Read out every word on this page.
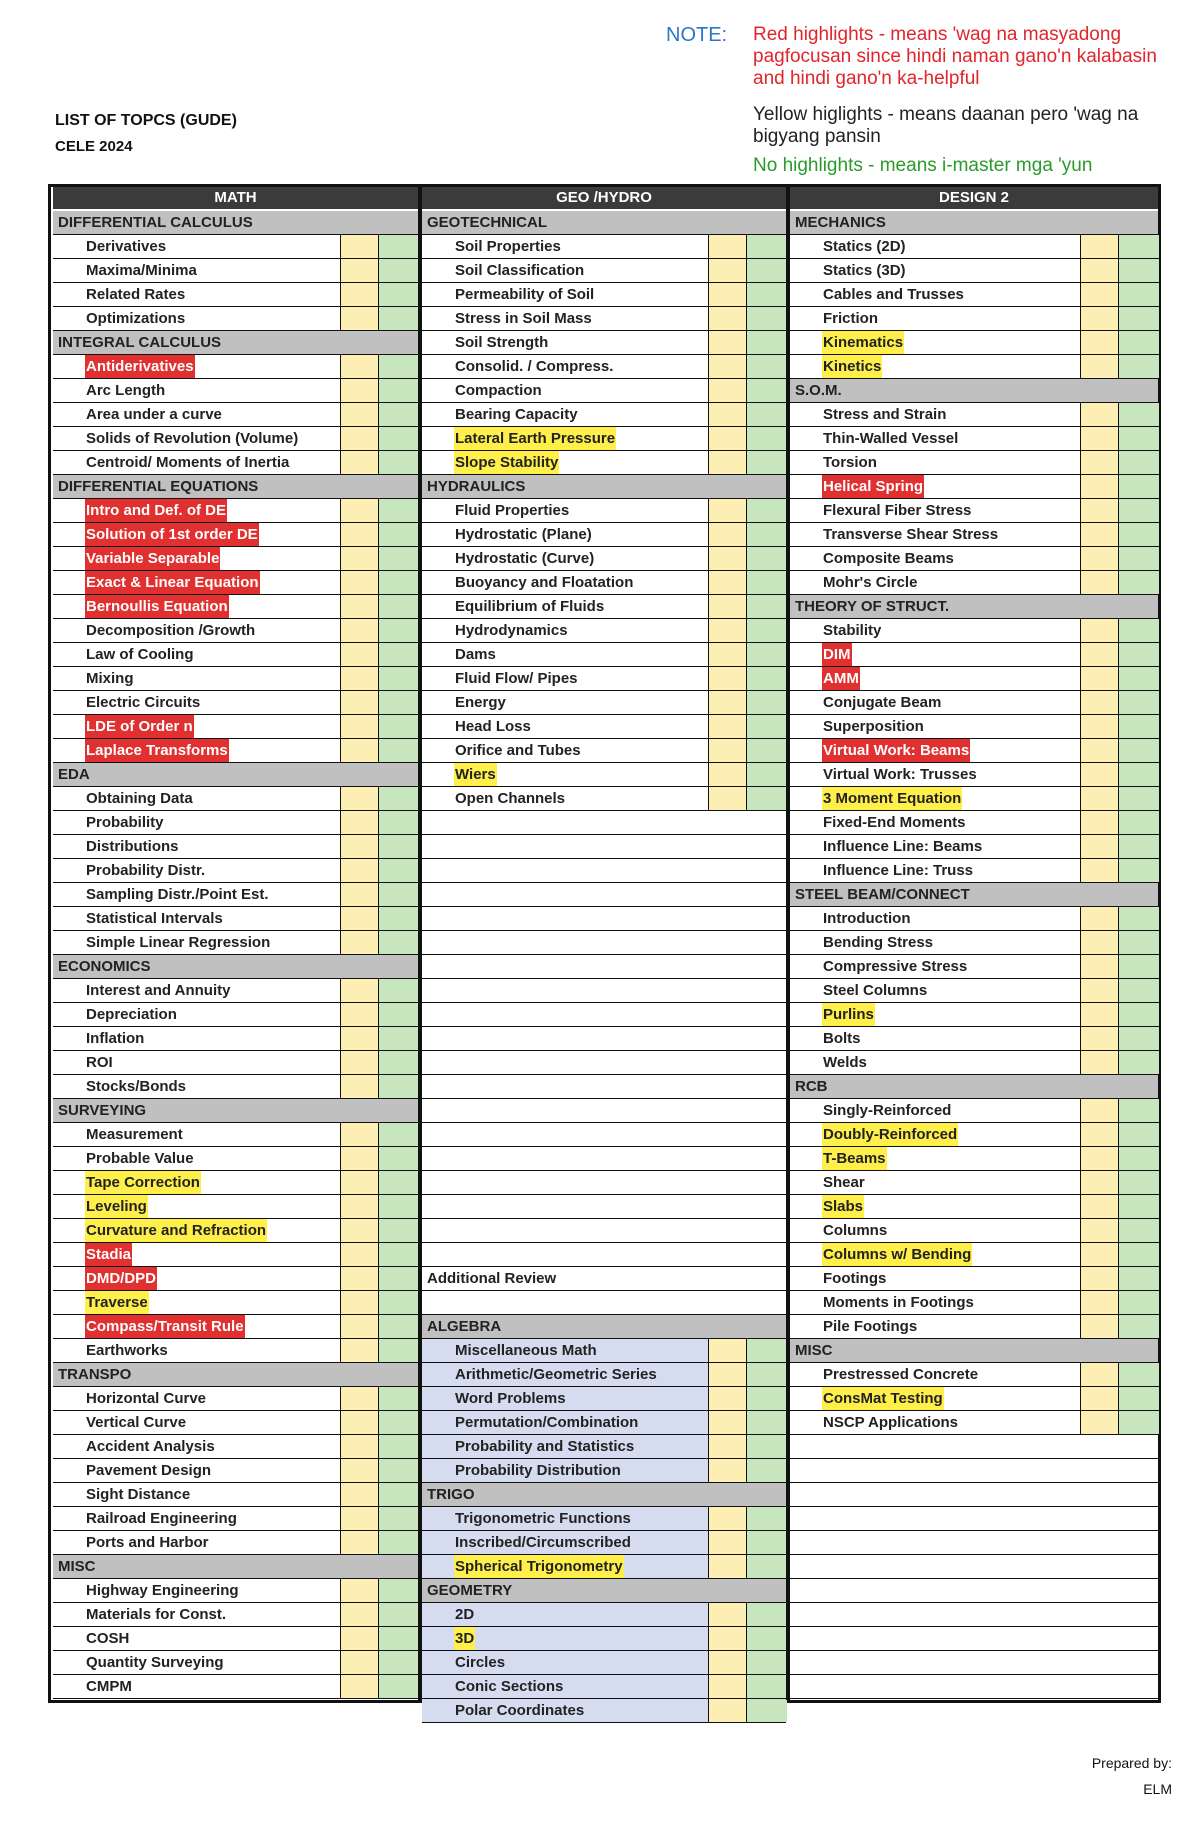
NOTE: Red highlights - means 'wag na masyadong pagfocusan since hindi naman gano'n kalabasin and hindi gano'n ka-helpful
Yellow higlights - means daanan pero 'wag na bigyang pansin
No highlights - means i-master mga 'yun
LIST OF TOPCS (GUDE)
CELE 2024
MATH
DIFFERENTIAL CALCULUS
Derivatives
Maxima/Minima
Related Rates
Optimizations
INTEGRAL CALCULUS
Antiderivatives
Arc Length
Area under a curve
Solids of Revolution (Volume)
Centroid/ Moments of Inertia
DIFFERENTIAL EQUATIONS
Intro and Def. of DE
Solution of 1st order DE
Variable Separable
Exact & Linear Equation
Bernoullis Equation
Decomposition /Growth
Law of Cooling
Mixing
Electric Circuits
LDE of Order n
Laplace Transforms
EDA
Obtaining Data
Probability
Distributions
Probability Distr.
Sampling Distr./Point Est.
Statistical Intervals
Simple Linear Regression
ECONOMICS
Interest and Annuity
Depreciation
Inflation
ROI
Stocks/Bonds
SURVEYING
Measurement
Probable Value
Tape Correction
Leveling
Curvature and Refraction
Stadia
DMD/DPD
Traverse
Compass/Transit Rule
Earthworks
TRANSPO
Horizontal Curve
Vertical Curve
Accident Analysis
Pavement Design
Sight Distance
Railroad Engineering
Ports and Harbor
MISC
Highway Engineering
Materials for Const.
COSH
Quantity Surveying
CMPM
GEO /HYDRO
GEOTECHNICAL
Soil Properties
Soil Classification
Permeability of Soil
Stress in Soil Mass
Soil Strength
Consolid. / Compress.
Compaction
Bearing Capacity
Lateral Earth Pressure
Slope Stability
HYDRAULICS
Fluid Properties
Hydrostatic (Plane)
Hydrostatic (Curve)
Buoyancy and Floatation
Equilibrium of Fluids
Hydrodynamics
Dams
Fluid Flow/ Pipes
Energy
Head Loss
Orifice and Tubes
Wiers
Open Channels
Additional Review
ALGEBRA
Miscellaneous Math
Arithmetic/Geometric Series
Word Problems
Permutation/Combination
Probability and Statistics
Probability Distribution
TRIGO
Trigonometric Functions
Inscribed/Circumscribed
Spherical Trigonometry
GEOMETRY
2D
3D
Circles
Conic Sections
Polar Coordinates
DESIGN 2
MECHANICS
Statics (2D)
Statics (3D)
Cables and Trusses
Friction
Kinematics
Kinetics
S.O.M.
Stress and Strain
Thin-Walled Vessel
Torsion
Helical Spring
Flexural Fiber Stress
Transverse Shear Stress
Composite Beams
Mohr's Circle
THEORY OF STRUCT.
Stability
DIM
AMM
Conjugate Beam
Superposition
Virtual Work: Beams
Virtual Work: Trusses
3 Moment Equation
Fixed-End Moments
Influence Line: Beams
Influence Line: Truss
STEEL BEAM/CONNECT
Introduction
Bending Stress
Compressive Stress
Steel Columns
Purlins
Bolts
Welds
RCB
Singly-Reinforced
Doubly-Reinforced
T-Beams
Shear
Slabs
Columns
Columns w/ Bending
Footings
Moments in Footings
Pile Footings
MISC
Prestressed Concrete
ConsMat Testing
NSCP Applications
Prepared by:
ELM
